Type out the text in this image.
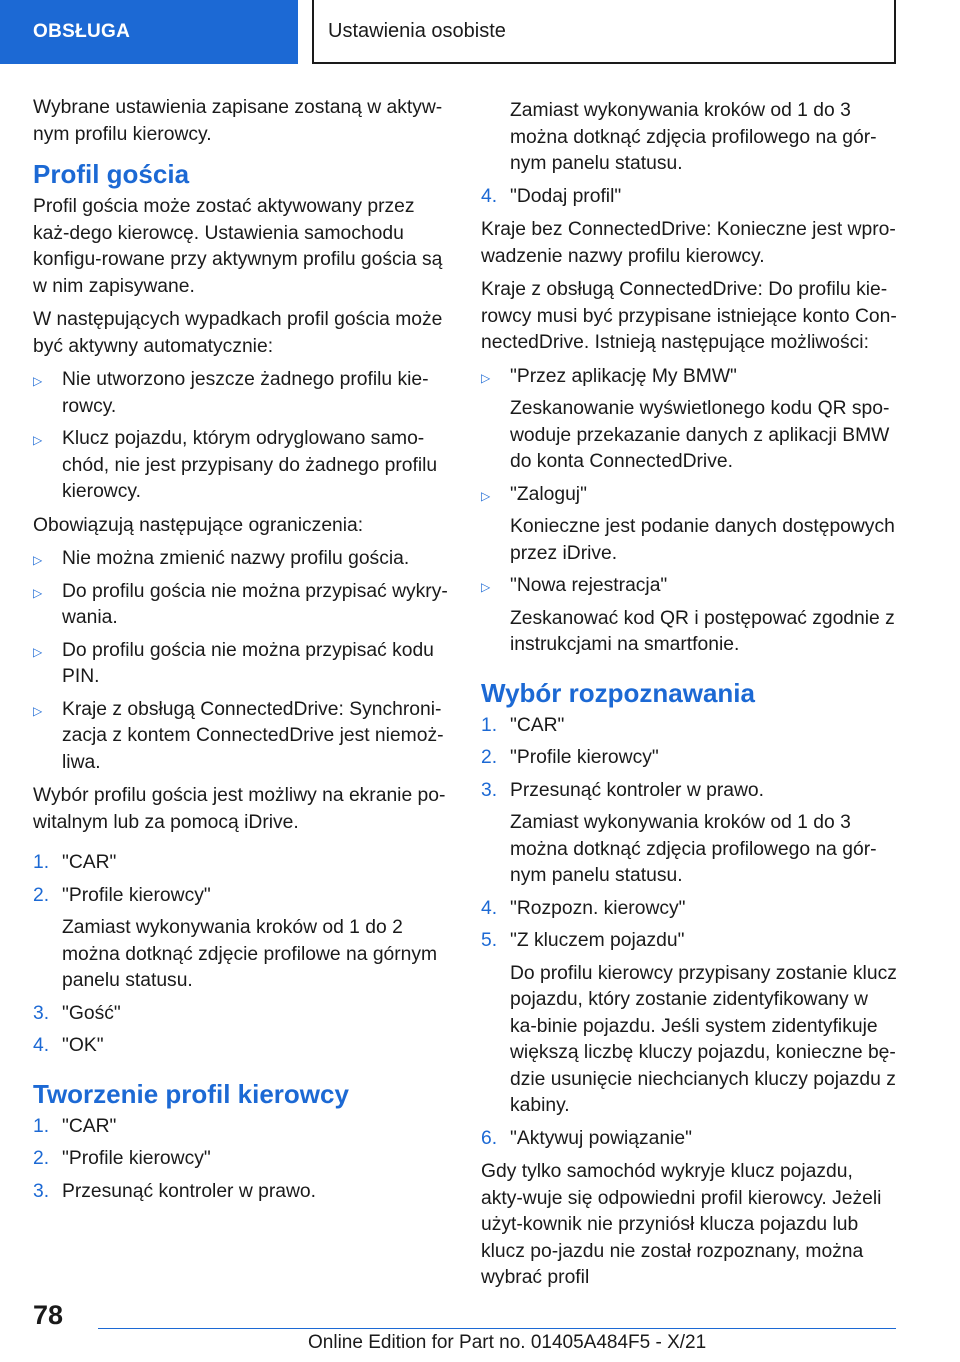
OBSŁUGA	Ustawienia osobiste

Wybrane ustawienia zapisane zostaną w aktyw-nym profilu kierowcy.

Profil gościa

Profil gościa może zostać aktywowany przez każ-dego kierowcę. Ustawienia samochodu konfigu-rowane przy aktywnym profilu gościa są w nim zapisywane.

W następujących wypadkach profil gościa może być aktywny automatycznie:

▷ Nie utworzono jeszcze żadnego profilu kie-rowcy.
▷ Klucz pojazdu, którym odryglowano samo-chód, nie jest przypisany do żadnego profilu kierowcy.

Obowiązują następujące ograniczenia:

▷ Nie można zmienić nazwy profilu gościa.
▷ Do profilu gościa nie można przypisać wykry-wania.
▷ Do profilu gościa nie można przypisać kodu PIN.
▷ Kraje z obsługą ConnectedDrive: Synchroni-zacja z kontem ConnectedDrive jest niemoż-liwa.

Wybór profilu gościa jest możliwy na ekranie po-witalnym lub za pomocą iDrive.

1. "CAR"
2. "Profile kierowcy"
Zamiast wykonywania kroków od 1 do 2 można dotknąć zdjęcie profilowe na górnym panelu statusu.
3. "Gość"
4. "OK"
Tworzenie profil kierowcy
1. "CAR"
2. "Profile kierowcy"
3. Przesunąć kontroler w prawo.
Zamiast wykonywania kroków od 1 do 3 można dotknąć zdjęcia profilowego na gór-nym panelu statusu.
4. "Dodaj profil"

Kraje bez ConnectedDrive: Konieczne jest wpro-wadzenie nazwy profilu kierowcy.

Kraje z obsługą ConnectedDrive: Do profilu kie-rowcy musi być przypisane istniejące konto Con-nectedDrive. Istnieją następujące możliwości:

▷ "Przez aplikację My BMW"
Zeskanowanie wyświetlonego kodu QR spo-woduje przekazanie danych z aplikacji BMW do konta ConnectedDrive.
▷ "Zaloguj"
Konieczne jest podanie danych dostępowych przez iDrive.
▷ "Nowa rejestracja"
Zeskanować kod QR i postępować zgodnie z instrukcjami na smartfonie.
Wybór rozpoznawania
1. "CAR"
2. "Profile kierowcy"
3. Przesunąć kontroler w prawo.
Zamiast wykonywania kroków od 1 do 3 można dotknąć zdjęcia profilowego na gór-nym panelu statusu.
4. "Rozpozn. kierowcy"
5. "Z kluczem pojazdu"
Do profilu kierowcy przypisany zostanie klucz pojazdu, który zostanie zidentyfikowany w ka-binie pojazdu. Jeśli system zidentyfikuje większą liczbę kluczy pojazdu, konieczne bę-dzie usunięcie niechcianych kluczy pojazdu z kabiny.
6. "Aktywuj powiązanie"

Gdy tylko samochód wykryje klucz pojazdu, akty-wuje się odpowiedni profil kierowcy. Jeżeli użyt-kownik nie przyniósł klucza pojazdu lub klucz po-jazdu nie został rozpoznany, można wybrać profil

78
Online Edition for Part no. 01405A484F5 - X/21
